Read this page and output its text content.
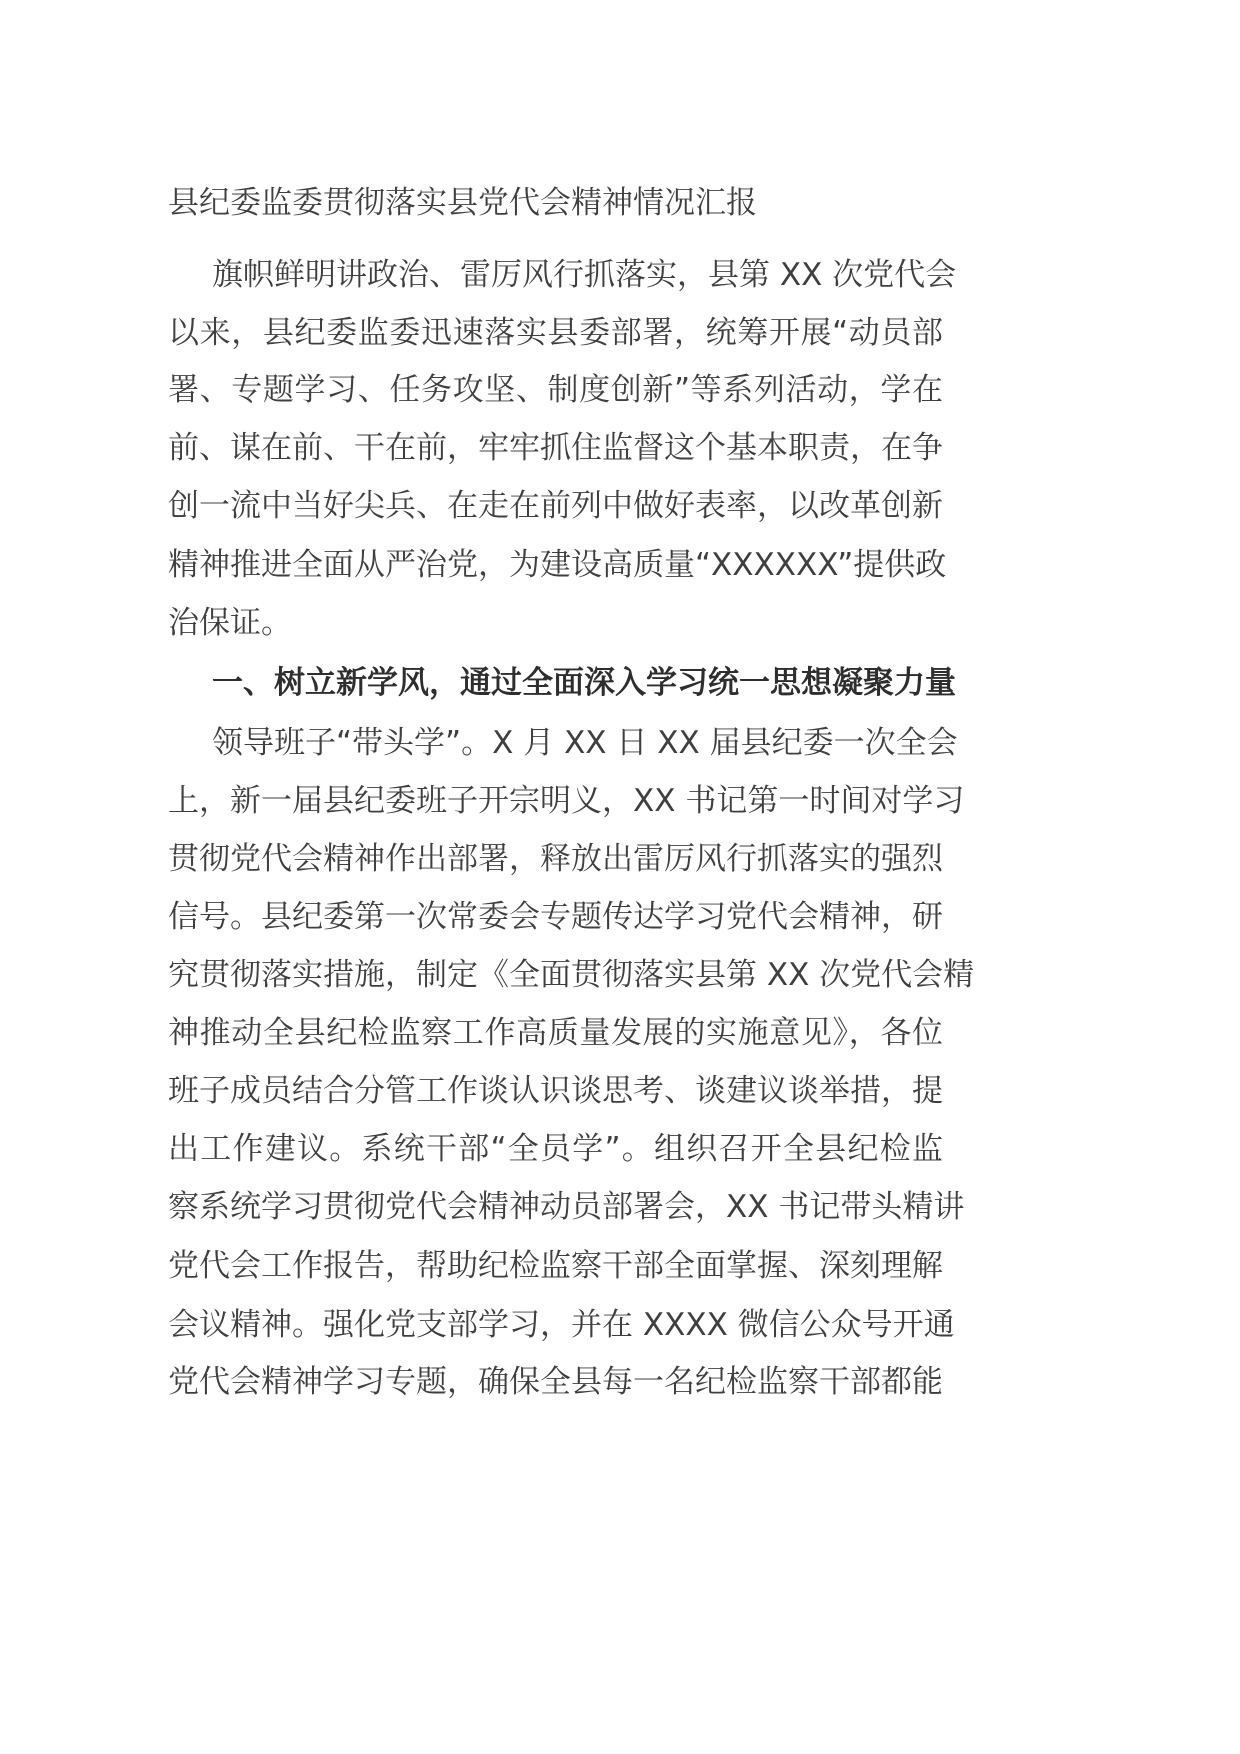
县纪委监委贯彻落实县党代会精神情况汇报
旗帜鲜明讲政治、雷厉风行抓落实，县第 XX 次党代会
以来，县纪委监委迅速落实县委部署，统筹开展“动员部
署、专题学习、任务攻坚、制度创新”等系列活动，学在
前、谋在前、干在前，牢牢抓住监督这个基本职责，在争
创一流中当好尖兵、在走在前列中做好表率，以改革创新
精神推进全面从严治党，为建设高质量“XXXXXX”提供政
治保证。
一、树立新学风，通过全面深入学习统一思想凝聚力量
领导班子“带头学”。X 月 XX 日 XX 届县纪委一次全会
上，新一届县纪委班子开宗明义，XX 书记第一时间对学习
贯彻党代会精神作出部署，释放出雷厉风行抓落实的强烈
信号。县纪委第一次常委会专题传达学习党代会精神，研
究贯彻落实措施，制定《全面贯彻落实县第 XX 次党代会精
神推动全县纪检监察工作高质量发展的实施意见》，各位
班子成员结合分管工作谈认识谈思考、谈建议谈举措，提
出工作建议。系统干部“全员学”。组织召开全县纪检监
察系统学习贯彻党代会精神动员部署会，XX 书记带头精讲
党代会工作报告，帮助纪检监察干部全面掌握、深刻理解
会议精神。强化党支部学习，并在 XXXX 微信公众号开通
党代会精神学习专题，确保全县每一名纪检监察干部都能
